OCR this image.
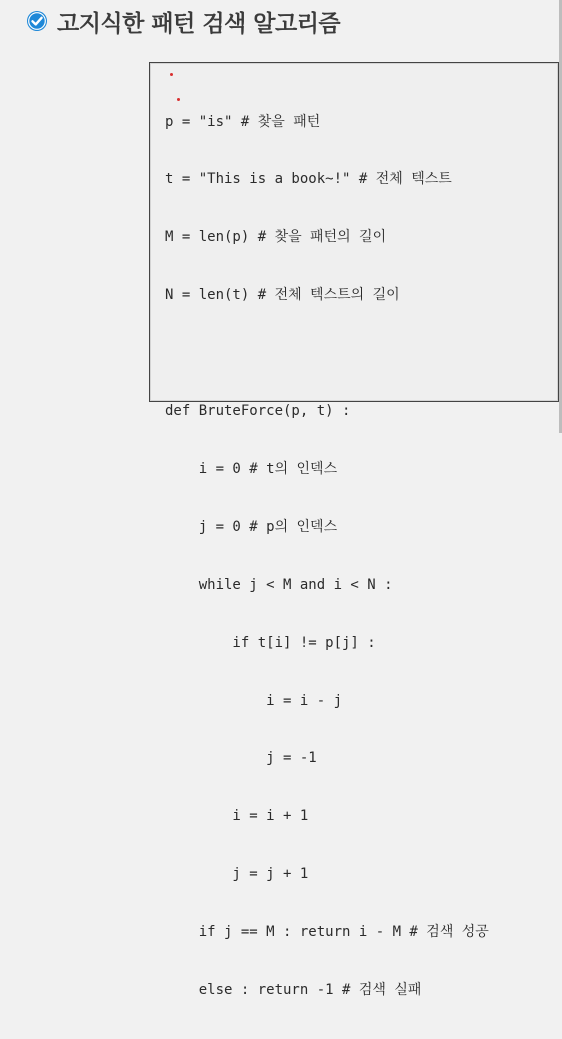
고지식한 패턴 검색 알고리즘

p = "is" # 찾을 패턴

t = "This is a book~!" # 전체 텍스트

M = len(p) # 찾을 패턴의 길이

N = len(t) # 전체 텍스트의 길이

def BruteForce(p, t) :

i = 0 # t의 인덱스

j = 0 # p의 인덱스

while j < M and i < N :

if t[i] != p[j] :

i = i - j

j = -1

i = i + 1

j = j + 1

if j == M : return i - M # 검색 성공

else : return -1 # 검색 실패
